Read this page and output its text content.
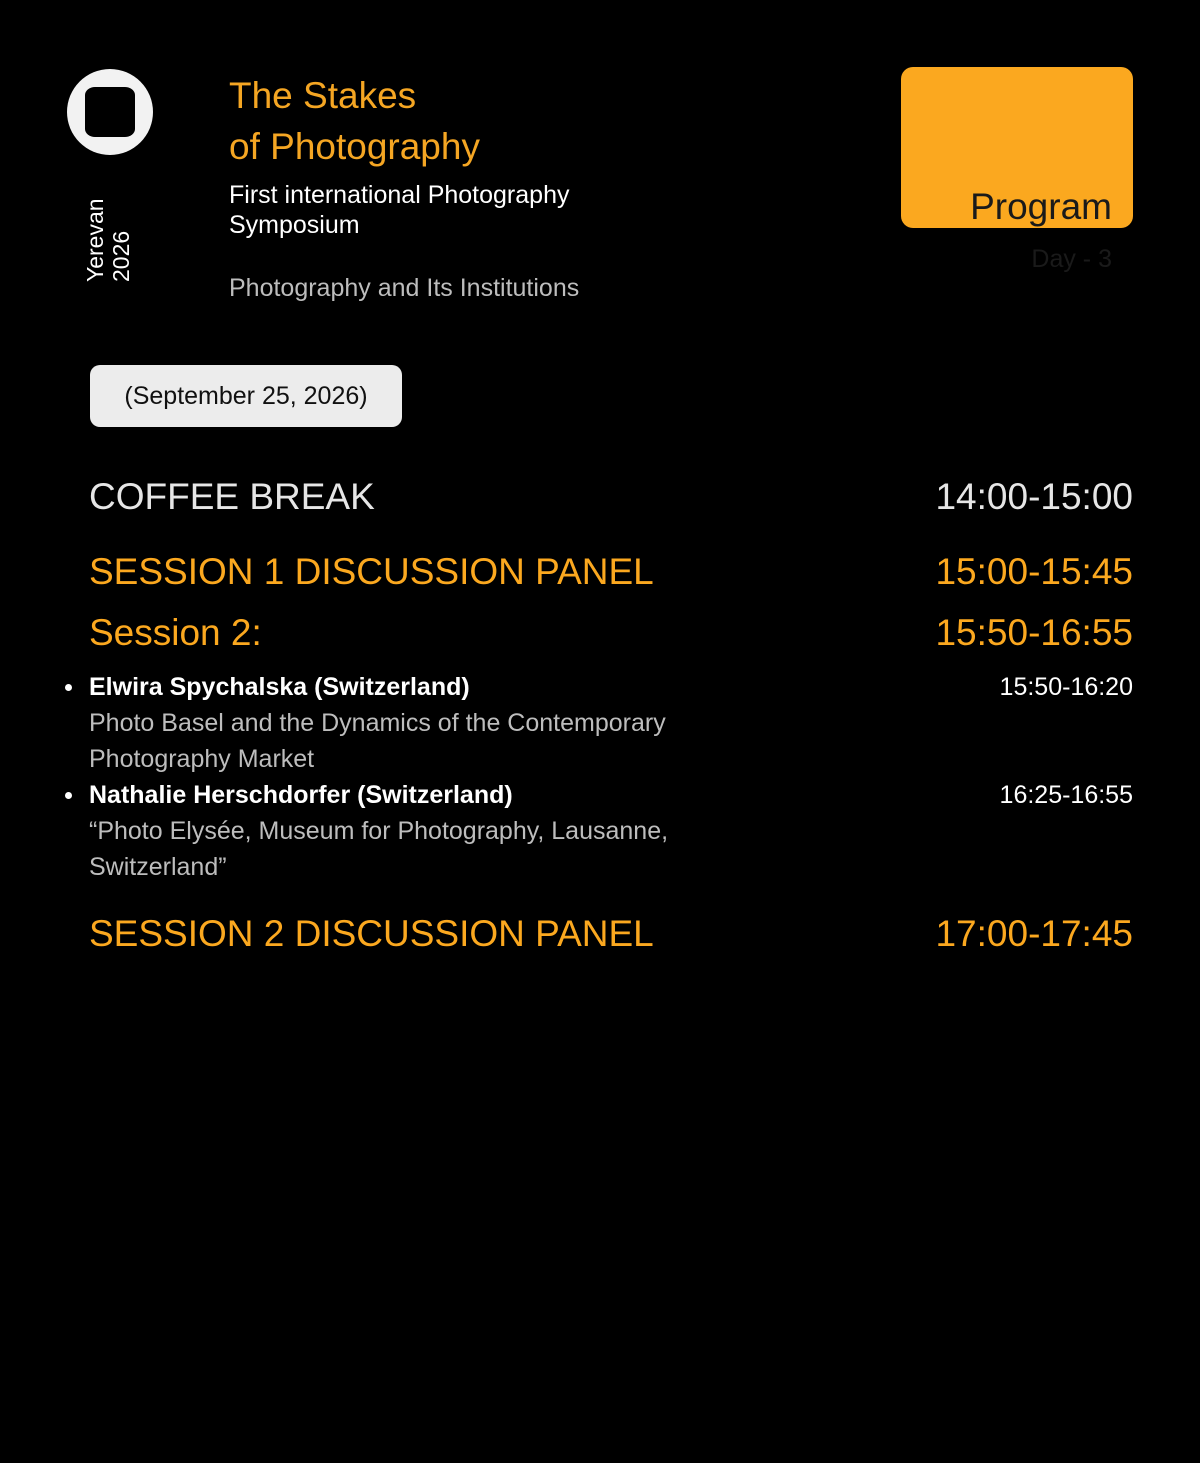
Yerevan 2026
The Stakes
of Photography
First international Photography Symposium
Photography and Its Institutions
Program
Day - 3
(September 25, 2026)
COFFEE BREAK	14:00-15:00
SESSION 1 DISCUSSION PANEL	15:00-15:45
Session 2:	15:50-16:55
Elwira Spychalska (Switzerland)	15:50-16:20
Photo Basel and the Dynamics of the Contemporary Photography Market
Nathalie Herschdorfer (Switzerland)	16:25-16:55
“Photo Elysée, Museum for Photography, Lausanne, Switzerland”
SESSION 2 DISCUSSION PANEL	17:00-17:45
